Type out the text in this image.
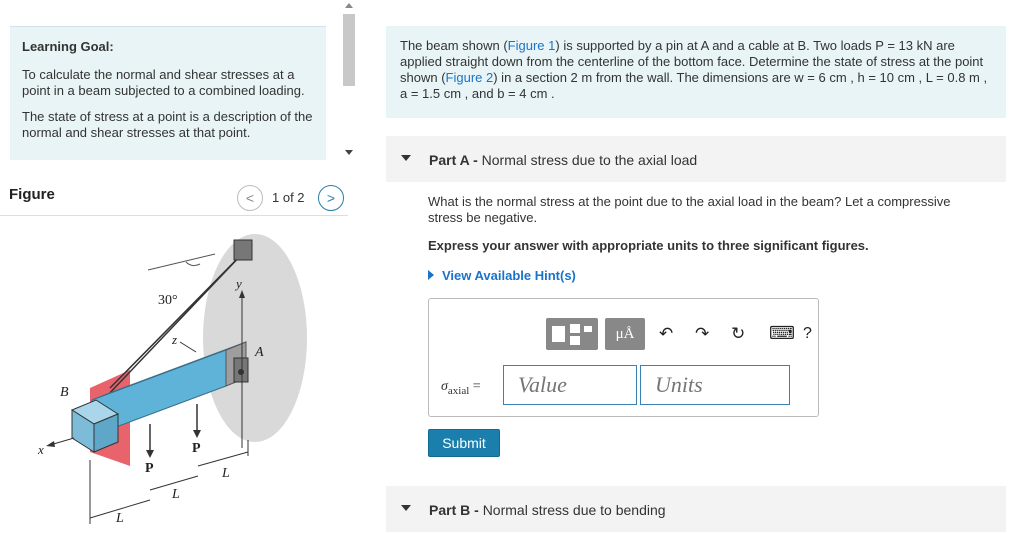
Learning Goal:
To calculate the normal and shear stresses at a point in a beam subjected to a combined loading.
The state of stress at a point is a description of the normal and shear stresses at that point.
Figure	<	1 of 2	>
30°
y
z
x
A
B
P
P
L
L
L
The beam shown (Figure 1) is supported by a pin at A and a cable at B. Two loads P = 13 kN are applied straight down from the centerline of the bottom face. Determine the state of stress at the point shown (Figure 2) in a section 2 m from the wall. The dimensions are w = 6 cm , h = 10 cm , L = 0.8 m , a = 1.5 cm , and b = 4 cm .
Part A - Normal stress due to the axial load
What is the normal stress at the point due to the axial load in the beam? Let a compressive stress be negative.
Express your answer with appropriate units to three significant figures.
View Available Hint(s)
μÅ	↶ ↷ ↻ ⌨ ?
$\sigma_{axial}$ =
Value
Units
Submit
Part B - Normal stress due to bending
